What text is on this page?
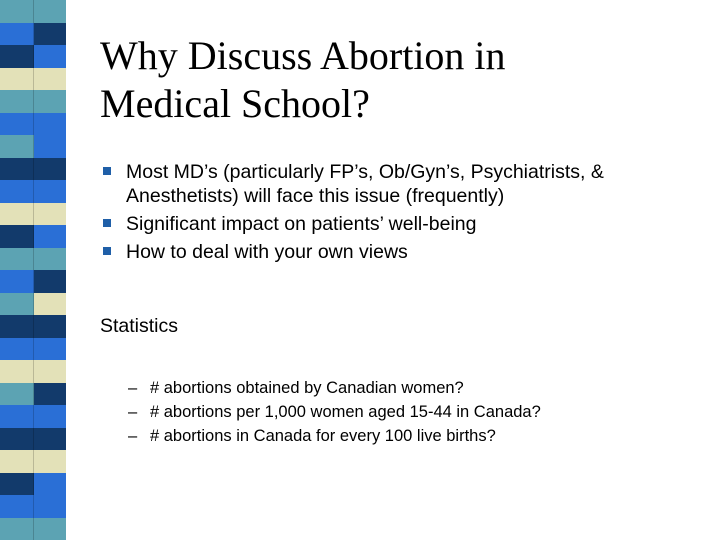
Why Discuss Abortion in
Medical School?
Most MD’s (particularly FP’s, Ob/Gyn’s, Psychiatrists, & Anesthetists) will face this issue (frequently)
Significant impact on patients’ well-being
How to deal with your own views

Statistics

– # abortions obtained by Canadian women?
– # abortions per 1,000 women aged 15-44 in Canada?
– # abortions in Canada for every 100 live births?
